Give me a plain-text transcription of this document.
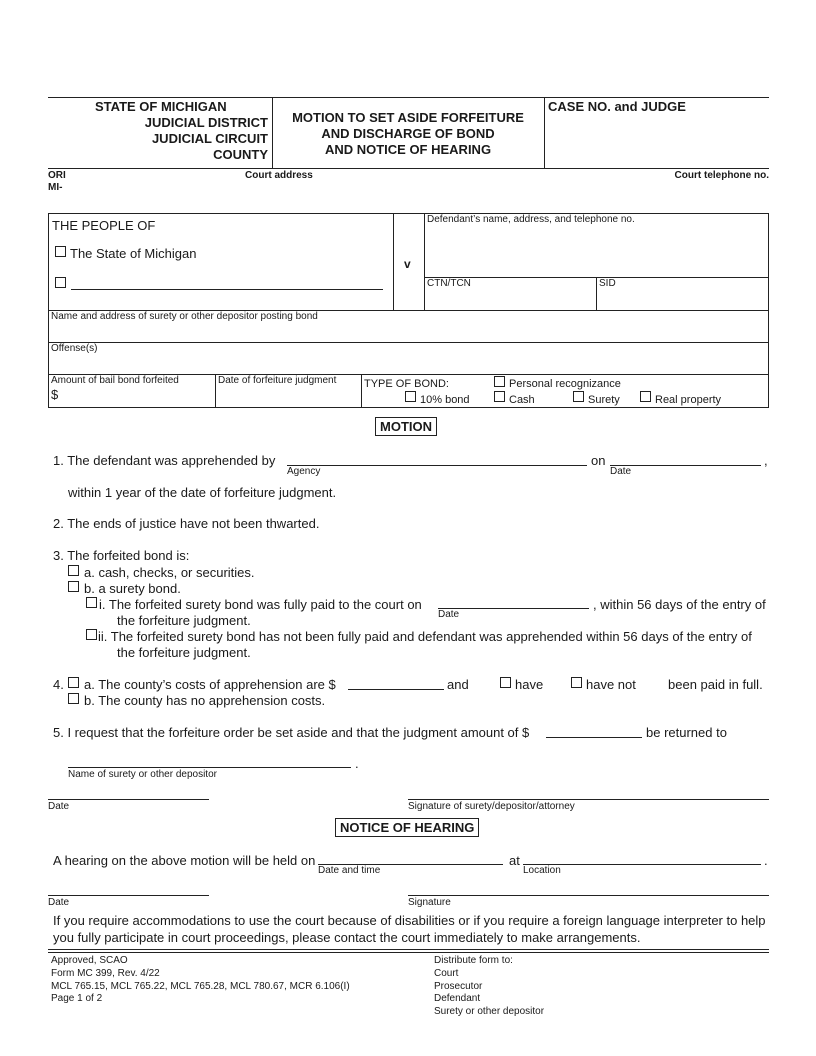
STATE OF MICHIGAN
JUDICIAL DISTRICT
JUDICIAL CIRCUIT
COUNTY
MOTION TO SET ASIDE FORFEITURE
AND DISCHARGE OF BOND
AND NOTICE OF HEARING
CASE NO. and JUDGE
ORI
MI-
Court address	Court telephone no.
THE PEOPLE OF
The State of Michigan
v
Defendant’s name, address, and telephone no.
CTN/TCN	SID
Name and address of surety or other depositor posting bond
Offense(s)
Amount of bail bond forfeited
$
Date of forfeiture judgment	TYPE OF BOND:	Personal recognizance
10% bond	Cash	Surety	Real property
MOTION
1. The defendant was apprehended by
Agency
on
Date
,
within 1 year of the date of forfeiture judgment.
2. The ends of justice have not been thwarted.
3. The forfeited bond is:
a. cash, checks, or securities.
b. a surety bond.
i. The forfeited surety bond was fully paid to the court on
Date
, within 56 days of the entry of
the forfeiture judgment.
ii. The forfeited surety bond has not been fully paid and defendant was apprehended within 56 days of the entry of
the forfeiture judgment.
4. a. The county’s costs of apprehension are $	and	have	have not been paid in full.
b. The county has no apprehension costs.
5. I request that the forfeiture order be set aside and that the judgment amount of $	be returned to
.
Name of surety or other depositor
Date	Signature of surety/depositor/attorney
NOTICE OF HEARING
A hearing on the above motion will be held on
Date and time
at
Location
.
Date	Signature
If you require accommodations to use the court because of disabilities or if you require a foreign language interpreter to help
you fully participate in court proceedings, please contact the court immediately to make arrangements.
Approved, SCAO
Form MC 399, Rev. 4/22
MCL 765.15, MCL 765.22, MCL 765.28, MCL 780.67, MCR 6.106(I)
Page 1 of 2
Distribute form to:
Court
Prosecutor
Defendant
Surety or other depositor
